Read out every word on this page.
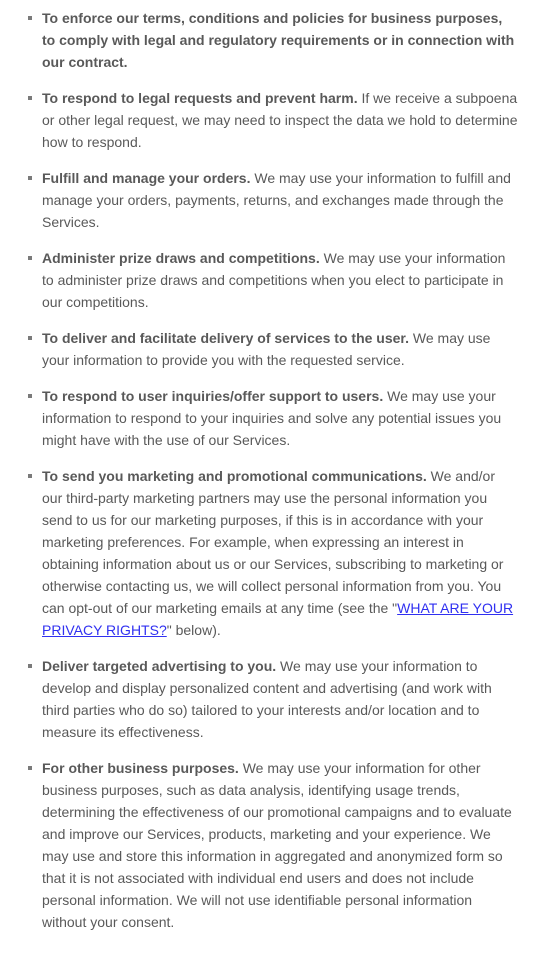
To enforce our terms, conditions and policies for business purposes, to comply with legal and regulatory requirements or in connection with our contract.
To respond to legal requests and prevent harm. If we receive a subpoena or other legal request, we may need to inspect the data we hold to determine how to respond.
Fulfill and manage your orders. We may use your information to fulfill and manage your orders, payments, returns, and exchanges made through the Services.
Administer prize draws and competitions. We may use your information to administer prize draws and competitions when you elect to participate in our competitions.
To deliver and facilitate delivery of services to the user. We may use your information to provide you with the requested service.
To respond to user inquiries/offer support to users. We may use your information to respond to your inquiries and solve any potential issues you might have with the use of our Services.
To send you marketing and promotional communications. We and/or our third-party marketing partners may use the personal information you send to us for our marketing purposes, if this is in accordance with your marketing preferences. For example, when expressing an interest in obtaining information about us or our Services, subscribing to marketing or otherwise contacting us, we will collect personal information from you. You can opt-out of our marketing emails at any time (see the "WHAT ARE YOUR PRIVACY RIGHTS?" below).
Deliver targeted advertising to you. We may use your information to develop and display personalized content and advertising (and work with third parties who do so) tailored to your interests and/or location and to measure its effectiveness.
For other business purposes. We may use your information for other business purposes, such as data analysis, identifying usage trends, determining the effectiveness of our promotional campaigns and to evaluate and improve our Services, products, marketing and your experience. We may use and store this information in aggregated and anonymized form so that it is not associated with individual end users and does not include personal information. We will not use identifiable personal information without your consent.
